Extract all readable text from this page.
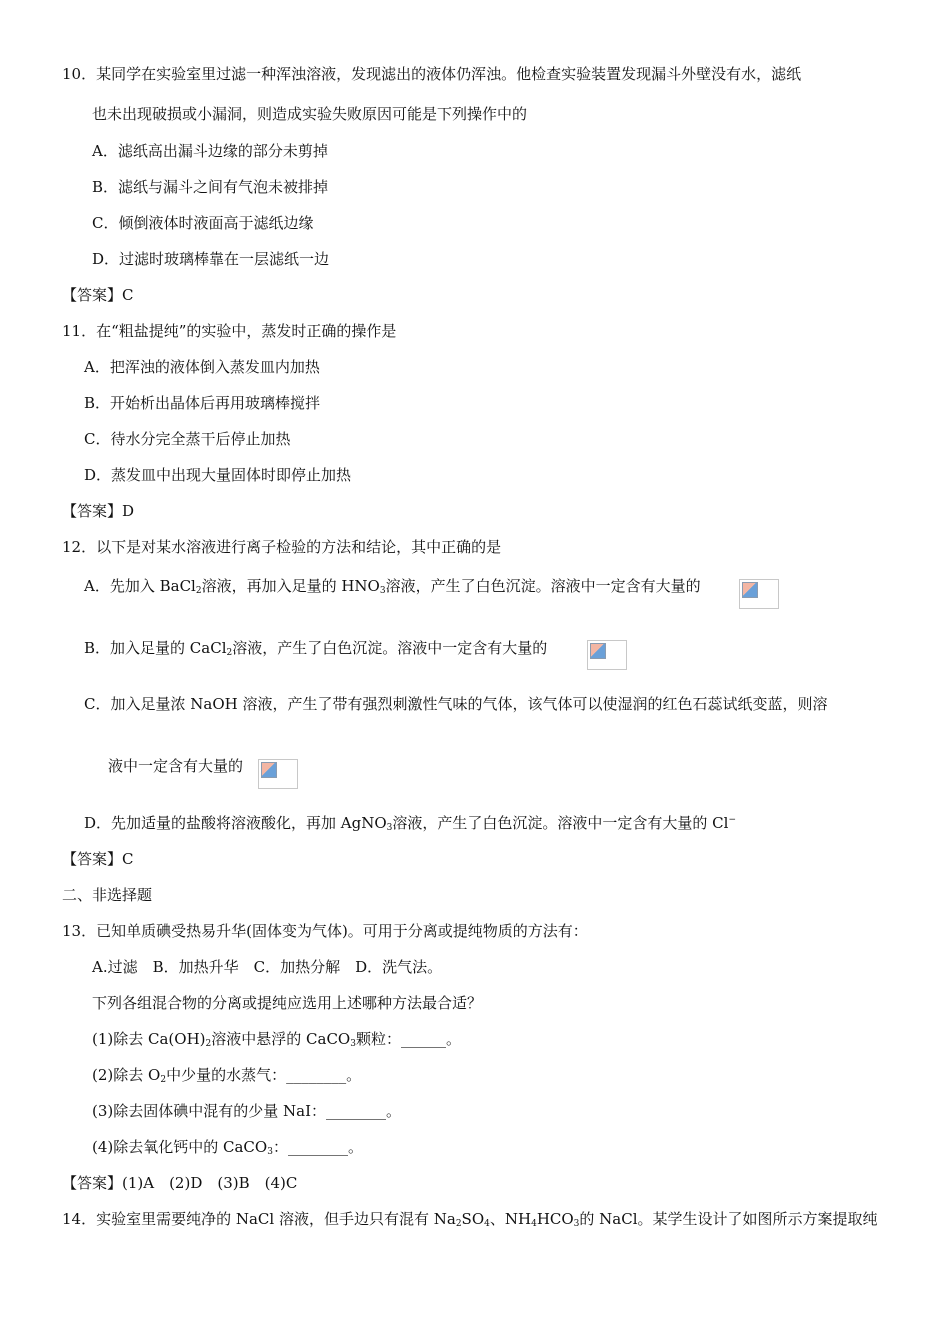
10．某同学在实验室里过滤一种浑浊溶液，发现滤出的液体仍浑浊。他检查实验装置发现漏斗外壁没有水，滤纸
也未出现破损或小漏洞，则造成实验失败原因可能是下列操作中的
A．滤纸高出漏斗边缘的部分未剪掉
B．滤纸与漏斗之间有气泡未被排掉
C．倾倒液体时液面高于滤纸边缘
D．过滤时玻璃棒靠在一层滤纸一边
【答案】C
11．在“粗盐提纯”的实验中，蒸发时正确的操作是
A．把浑浊的液体倒入蒸发皿内加热
B．开始析出晶体后再用玻璃棒搅拌
C．待水分完全蒸干后停止加热
D．蒸发皿中出现大量固体时即停止加热
【答案】D
12．以下是对某水溶液进行离子检验的方法和结论，其中正确的是
A．先加入 BaCl$_2$溶液，再加入足量的 $HNO_3$溶液，产生了白色沉淀。溶液中一定含有大量的
B．加入足量的 CaCl$_2$溶液，产生了白色沉淀。溶液中一定含有大量的
C．加入足量浓 NaOH 溶液，产生了带有强烈刺激性气味的气体，该气体可以使湿润的红色石蕊试纸变蓝，则溶
液中一定含有大量的
D．先加适量的盐酸将溶液酸化，再加 AgNO$_3$溶液，产生了白色沉淀。溶液中一定含有大量的 Cl−
【答案】C
二、非选择题
13．已知单质碘受热易升华(固体变为气体)。可用于分离或提纯物质的方法有：
A.过滤　B．加热升华　C．加热分解　D．洗气法。
下列各组混合物的分离或提纯应选用上述哪种方法最合适？
(1)除去 $Ca(OH)_2$溶液中悬浮的 CaCO$_3$颗粒：______。
(2)除去 $O_2$中少量的水蒸气：________。
(3)除去固体碘中混有的少量 NaI：________。
(4)除去氧化钙中的 CaCO$_3$：________。
【答案】(1)A　(2)D　(3)B　(4)C
14．实验室里需要纯净的 NaCl 溶液，但手边只有混有 $Na_2SO_4$、$NH_4HCO_3$的 NaCl。某学生设计了如图所示方案提取纯
